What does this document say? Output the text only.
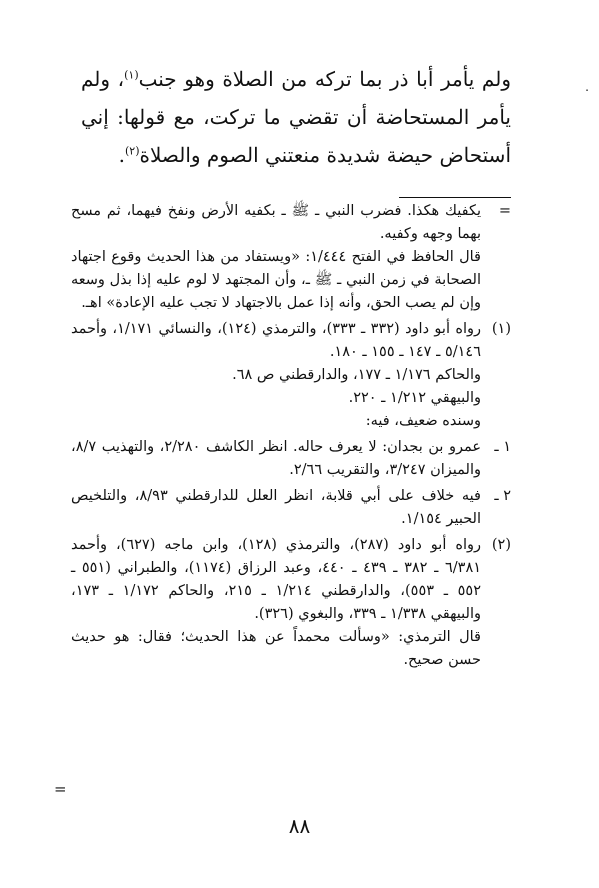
.

ولم يأمر أبا ذر بما تركه من الصلاة وهو جنب$^{(١)}$، ولم يأمر المستحاضة أن تقضي ما تركت، مع قولها: إني أستحاض حيضة شديدة منعتني الصوم والصلاة$^{(٢)}$.

=

يكفيك هكذا. فضرب النبي ـ ﷺ ـ بكفيه الأرض ونفخ فيهما، ثم مسح بهما وجهه وكفيه.

قال الحافظ في الفتح ١/٤٤٤: «ويستفاد من هذا الحديث وقوع اجتهاد الصحابة في زمن النبي ـ ﷺ ـ، وأن المجتهد لا لوم عليه إذا بذل وسعه وإن لم يصب الحق، وأنه إذا عمل بالاجتهاد لا تجب عليه الإعادة» اهـ.

(١)

رواه أبو داود (٣٣٢ ـ ٣٣٣)، والترمذي (١٢٤)، والنسائي ١/١٧١، وأحمد ٥/١٤٦ ـ ١٤٧ ـ ١٥٥ ـ ١٨٠.

والحاكم ١/١٧٦ ـ ١٧٧، والدارقطني ص ٦٨.

والبيهقي ١/٢١٢ ـ ٢٢٠.

وسنده ضعيف، فيه:

١ ـ

عمرو بن بجدان: لا يعرف حاله. انظر الكاشف ٢/٢٨٠، والتهذيب ٨/٧، والميزان ٣/٢٤٧، والتقريب ٢/٦٦.

٢ ـ

فيه خلاف على أبي قلابة، انظر العلل للدارقطني ٨/٩٣، والتلخيص الحبير ١/١٥٤.

(٢)

رواه أبو داود (٢٨٧)، والترمذي (١٢٨)، وابن ماجه (٦٢٧)، وأحمد ٦/٣٨١ ـ ٣٨٢ ـ ٤٣٩ ـ ٤٤٠، وعبد الرزاق (١١٧٤)، والطبراني (٥٥١ ـ ٥٥٢ ـ ٥٥٣)، والدارقطني ١/٢١٤ ـ ٢١٥، والحاكم ١/١٧٢ ـ ١٧٣، والبيهقي ١/٣٣٨ ـ ٣٣٩، والبغوي (٣٢٦).

قال الترمذي: «وسألت محمداً عن هذا الحديث؛ فقال: هو حديث حسن صحيح.

=
٨٨
